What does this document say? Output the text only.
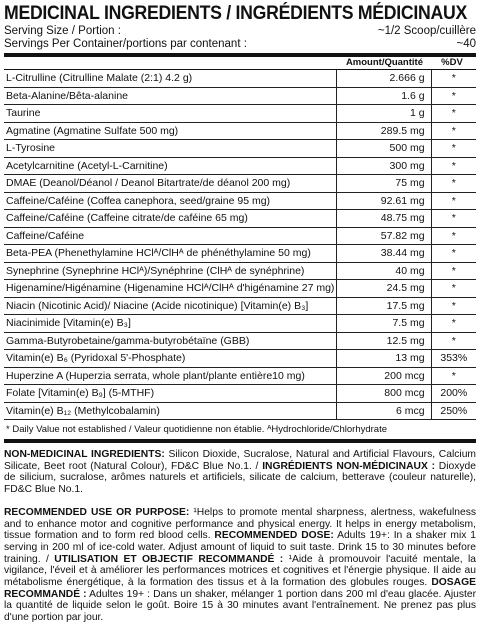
MEDICINAL INGREDIENTS / INGRÉDIENTS MÉDICINAUX
Serving Size / Portion :	~1/2 Scoop/cuillère
Servings Per Container/portions par contenant :	~40
Amount/Quantité	%DV
L-Citrulline (Citrulline Malate (2:1) 4.2 g)	2.666 g	*
Beta-Alanine/Bêta-alanine	1.6 g	*
Taurine	1 g	*
Agmatine (Agmatine Sulfate 500 mg)	289.5 mg	*
L-Tyrosine	500 mg	*
Acetylcarnitine (Acetyl-L-Carnitine)	300 mg	*
DMAE (Deanol/Déanol / Deanol Bitartrate/de déanol 200 mg)	75 mg	*
Caffeine/Caféine (Coffea canephora, seed/graine 95 mg)	92.61 mg	*
Caffeine/Caféine (Caffeine citrate/de caféine 65 mg)	48.75 mg	*
Caffeine/Caféine	57.82 mg	*
Beta-PEA (Phenethylamine HClᴬ/ClHᴬ de phénéthylamine 50 mg)	38.44 mg	*
Synephrine (Synephrine HClᴬ)/Synéphrine (ClHᴬ de synéphrine)	40 mg	*
Higenamine/Higénamine (Higenamine HClᴬ/ClHᴬ d'higénamine 27 mg)	24.5 mg	*
Niacin (Nicotinic Acid)/ Niacine (Acide nicotinique) [Vitamin(e) B₃]	17.5 mg	*
Niacinimide [Vitamin(e) B₃]	7.5 mg	*
Gamma-Butyrobetaine/gamma-butyrobétaïne (GBB)	12.5 mg	*
Vitamin(e) B₆ (Pyridoxal 5'-Phosphate)	13 mg	353%
Huperzine A (Huperzia serrata, whole plant/plante entière10 mg)	200 mcg	*
Folate [Vitamin(e) B₉] (5-MTHF)	800 mcg	200%
Vitamin(e) B₁₂ (Methylcobalamin)	6 mcg	250%
* Daily Value not established / Valeur quotidienne non établie. ᴬHydrochloride/Chlorhydrate
NON-MEDICINAL INGREDIENTS: Silicon Dioxide, Sucralose, Natural and Artificial Flavours, Calcium Silicate, Beet root (Natural Colour), FD&C Blue No.1. / INGRÉDIENTS NON-MÉDICINAUX : Dioxyde de silicium, sucralose, arômes naturels et artificiels, silicate de calcium, betterave (couleur naturelle), FD&C Blue No.1.
RECOMMENDED USE OR PURPOSE: ¹Helps to promote mental sharpness, alertness, wakefulness and to enhance motor and cognitive performance and physical energy. It helps in energy metabolism, tissue formation and to form red blood cells. RECOMMENDED DOSE: Adults 19+: In a shaker mix 1 serving in 200 ml of ice-cold water. Adjust amount of liquid to suit taste. Drink 15 to 30 minutes before training. / UTILISATION ET OBJECTIF RECOMMANDÉ : ¹Aide à promouvoir l'acuité mentale, la vigilance, l'éveil et à améliorer les performances motrices et cognitives et l'énergie physique. Il aide au métabolisme énergétique, à la formation des tissus et à la formation des globules rouges. DOSAGE RECOMMANDÉ : Adultes 19+ : Dans un shaker, mélanger 1 portion dans 200 ml d'eau glacée. Ajuster la quantité de liquide selon le goût. Boire 15 à 30 minutes avant l'entraînement. Ne prenez pas plus d'une portion par jour.
